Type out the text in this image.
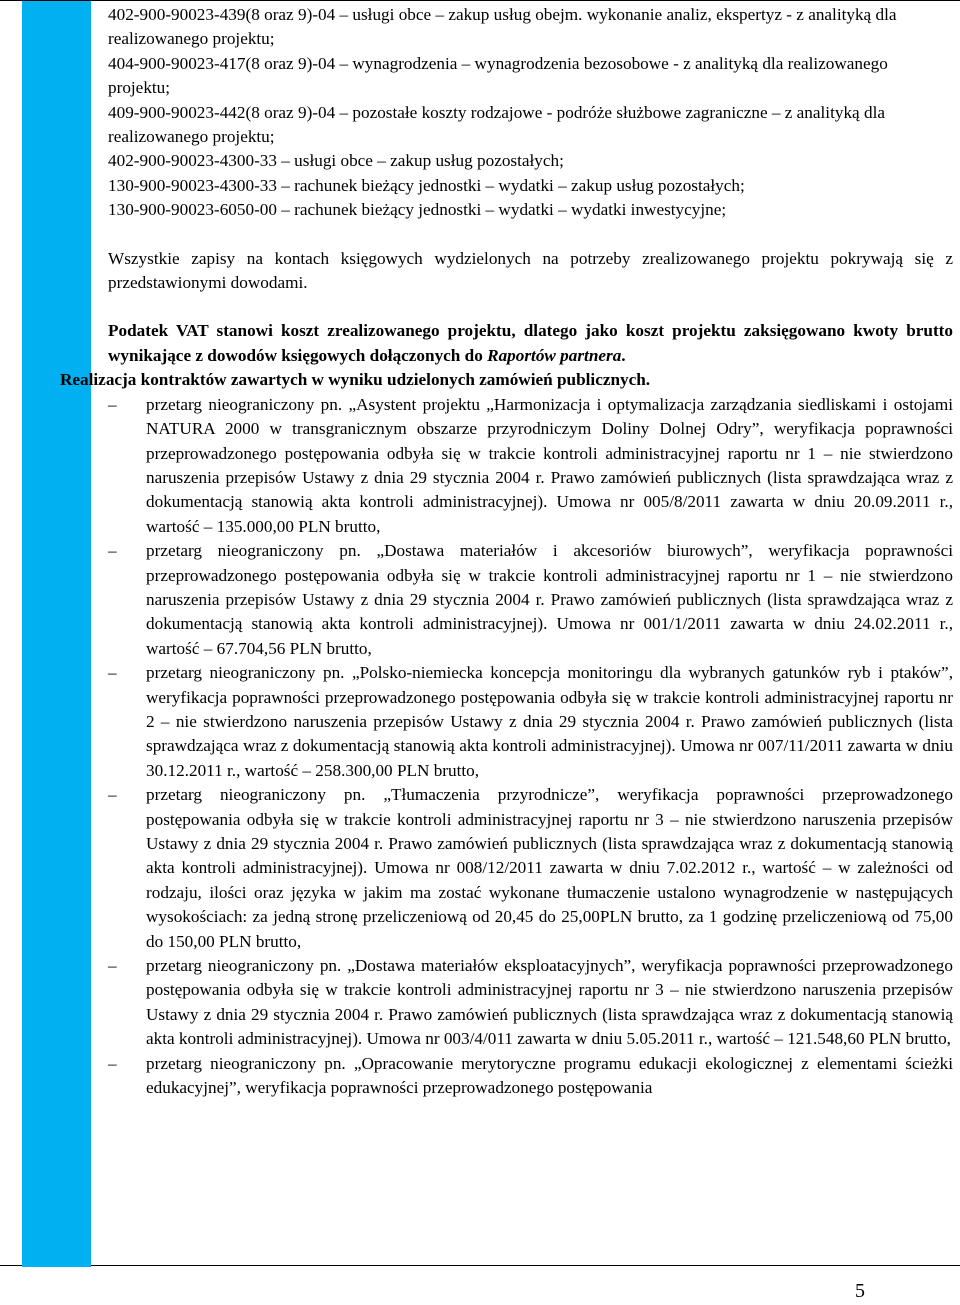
402-900-90023-439(8 oraz 9)-04 – usługi obce – zakup usług obejm. wykonanie analiz, ekspertyz - z analityką dla realizowanego projektu;

404-900-90023-417(8 oraz 9)-04 – wynagrodzenia – wynagrodzenia bezosobowe - z analityką dla realizowanego projektu;

409-900-90023-442(8 oraz 9)-04 – pozostałe koszty rodzajowe - podróże służbowe zagraniczne – z analityką dla realizowanego projektu;

402-900-90023-4300-33 – usługi obce – zakup usług pozostałych;

130-900-90023-4300-33 – rachunek bieżący jednostki – wydatki – zakup usług pozostałych;

130-900-90023-6050-00 – rachunek bieżący jednostki – wydatki – wydatki inwestycyjne;

Wszystkie zapisy na kontach księgowych wydzielonych na potrzeby zrealizowanego projektu pokrywają się z przedstawionymi dowodami.

Podatek VAT stanowi koszt zrealizowanego projektu, dlatego jako koszt projektu zaksięgowano kwoty brutto wynikające z dowodów księgowych dołączonych do Raportów partnera.

Realizacja kontraktów zawartych w wyniku udzielonych zamówień publicznych.

–	przetarg nieograniczony pn. „Asystent projektu „Harmonizacja i optymalizacja zarządzania siedliskami i ostojami NATURA 2000 w transgranicznym obszarze przyrodniczym Doliny Dolnej Odry”, weryfikacja poprawności przeprowadzonego postępowania odbyła się w trakcie kontroli administracyjnej raportu nr 1 – nie stwierdzono naruszenia przepisów Ustawy z dnia 29 stycznia 2004 r. Prawo zamówień publicznych (lista sprawdzająca wraz z dokumentacją stanowią akta kontroli administracyjnej). Umowa nr 005/8/2011 zawarta w dniu 20.09.2011 r., wartość – 135.000,00 PLN brutto,
–	przetarg nieograniczony pn. „Dostawa materiałów i akcesoriów biurowych”, weryfikacja poprawności przeprowadzonego postępowania odbyła się w trakcie kontroli administracyjnej raportu nr 1 – nie stwierdzono naruszenia przepisów Ustawy z dnia 29 stycznia 2004 r. Prawo zamówień publicznych (lista sprawdzająca wraz z dokumentacją stanowią akta kontroli administracyjnej). Umowa nr 001/1/2011 zawarta w dniu 24.02.2011 r., wartość – 67.704,56 PLN brutto,
–	przetarg nieograniczony pn. „Polsko-niemiecka koncepcja monitoringu dla wybranych gatunków ryb i ptaków”, weryfikacja poprawności przeprowadzonego postępowania odbyła się w trakcie kontroli administracyjnej raportu nr 2 – nie stwierdzono naruszenia przepisów Ustawy z dnia 29 stycznia 2004 r. Prawo zamówień publicznych (lista sprawdzająca wraz z dokumentacją stanowią akta kontroli administracyjnej). Umowa nr 007/11/2011 zawarta w dniu 30.12.2011 r., wartość – 258.300,00 PLN brutto,
–	przetarg nieograniczony pn. „Tłumaczenia przyrodnicze”, weryfikacja poprawności przeprowadzonego postępowania odbyła się w trakcie kontroli administracyjnej raportu nr 3 – nie stwierdzono naruszenia przepisów Ustawy z dnia 29 stycznia 2004 r. Prawo zamówień publicznych (lista sprawdzająca wraz z dokumentacją stanowią akta kontroli administracyjnej). Umowa nr 008/12/2011 zawarta w dniu 7.02.2012 r., wartość – w zależności od rodzaju, ilości oraz języka w jakim ma zostać wykonane tłumaczenie ustalono wynagrodzenie w następujących wysokościach: za jedną stronę przeliczeniową od 20,45 do 25,00PLN brutto, za 1 godzinę przeliczeniową od 75,00 do 150,00 PLN brutto,
–	przetarg nieograniczony pn. „Dostawa materiałów eksploatacyjnych”, weryfikacja poprawności przeprowadzonego postępowania odbyła się w trakcie kontroli administracyjnej raportu nr 3 – nie stwierdzono naruszenia przepisów Ustawy z dnia 29 stycznia 2004 r. Prawo zamówień publicznych (lista sprawdzająca wraz z dokumentacją stanowią akta kontroli administracyjnej). Umowa nr 003/4/011 zawarta w dniu 5.05.2011 r., wartość – 121.548,60 PLN brutto,
–	przetarg nieograniczony pn. „Opracowanie merytoryczne programu edukacji ekologicznej z elementami ścieżki edukacyjnej”, weryfikacja poprawności przeprowadzonego postępowania
5
